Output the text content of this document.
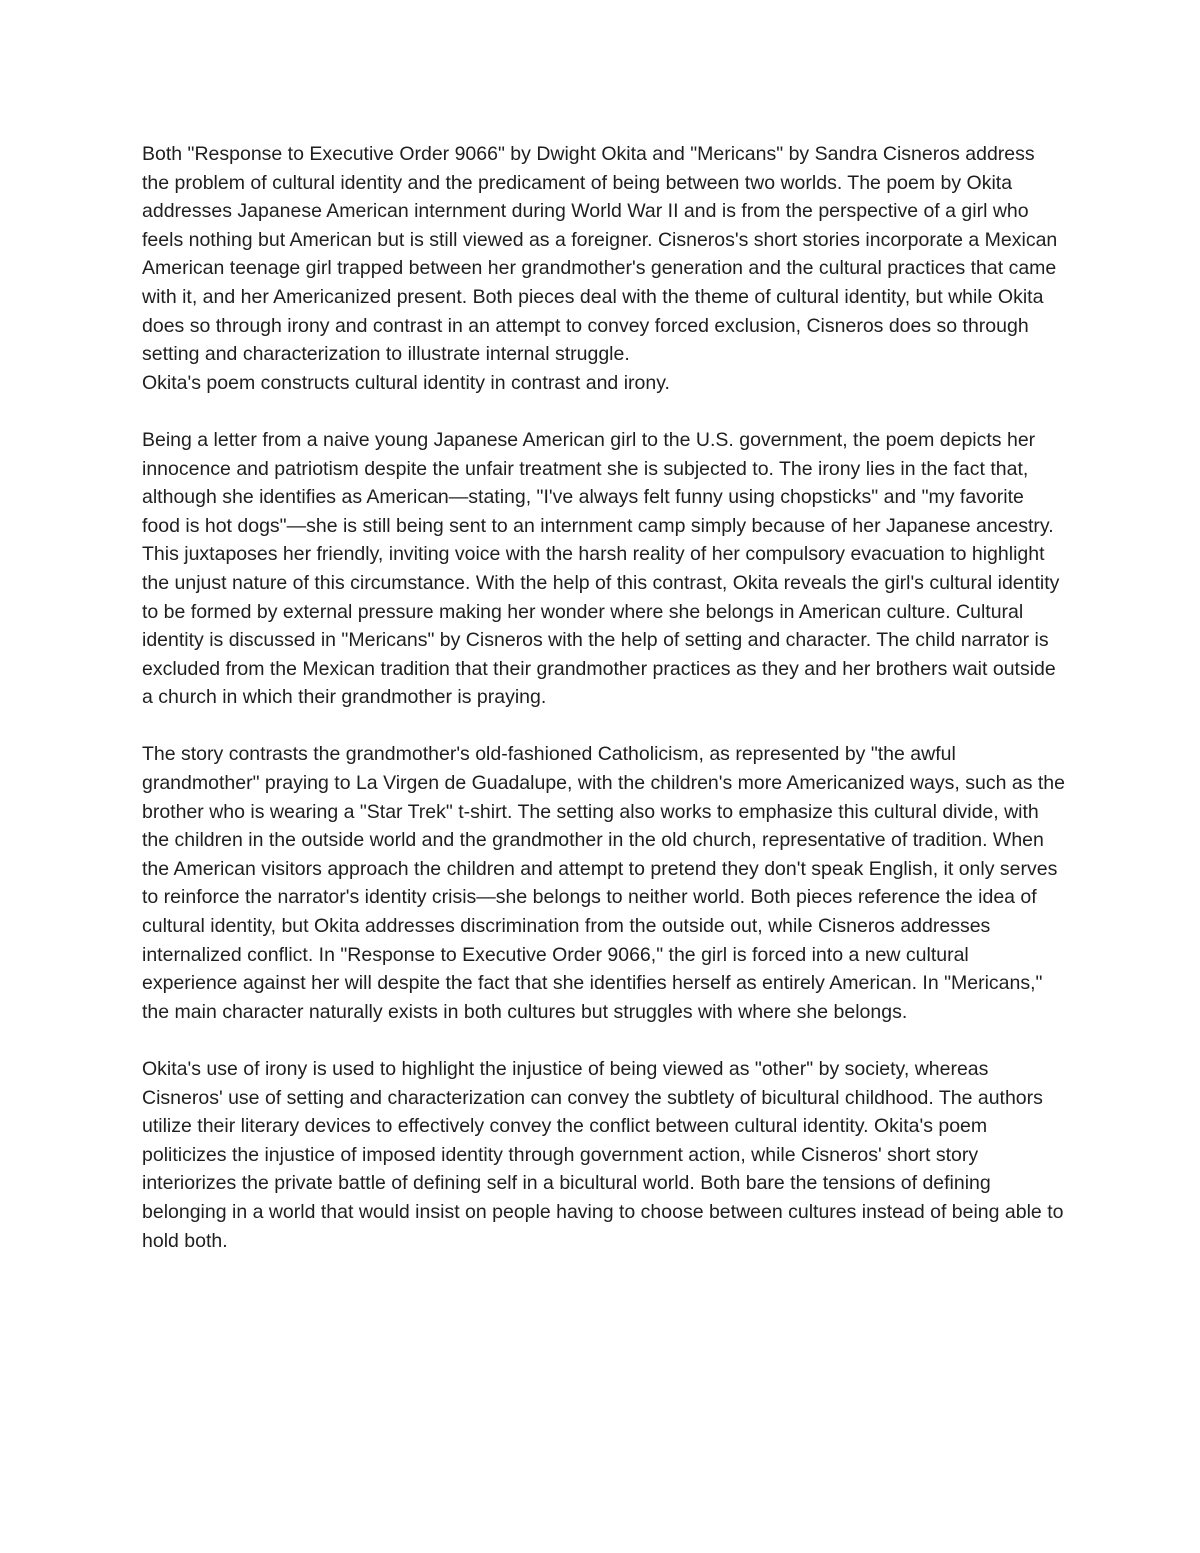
Both "Response to Executive Order 9066" by Dwight Okita and "Mericans" by Sandra Cisneros address the problem of cultural identity and the predicament of being between two worlds. The poem by Okita addresses Japanese American internment during World War II and is from the perspective of a girl who feels nothing but American but is still viewed as a foreigner. Cisneros's short stories incorporate a Mexican American teenage girl trapped between her grandmother's generation and the cultural practices that came with it, and her Americanized present. Both pieces deal with the theme of cultural identity, but while Okita does so through irony and contrast in an attempt to convey forced exclusion, Cisneros does so through setting and characterization to illustrate internal struggle.

Okita's poem constructs cultural identity in contrast and irony.

Being a letter from a naive young Japanese American girl to the U.S. government, the poem depicts her innocence and patriotism despite the unfair treatment she is subjected to. The irony lies in the fact that, although she identifies as American—stating, "I've always felt funny using chopsticks" and "my favorite food is hot dogs"—she is still being sent to an internment camp simply because of her Japanese ancestry. This juxtaposes her friendly, inviting voice with the harsh reality of her compulsory evacuation to highlight the unjust nature of this circumstance. With the help of this contrast, Okita reveals the girl's cultural identity to be formed by external pressure making her wonder where she belongs in American culture. Cultural identity is discussed in "Mericans" by Cisneros with the help of setting and character. The child narrator is excluded from the Mexican tradition that their grandmother practices as they and her brothers wait outside a church in which their grandmother is praying.

The story contrasts the grandmother's old-fashioned Catholicism, as represented by "the awful grandmother" praying to La Virgen de Guadalupe, with the children's more Americanized ways, such as the brother who is wearing a "Star Trek" t-shirt. The setting also works to emphasize this cultural divide, with the children in the outside world and the grandmother in the old church, representative of tradition. When the American visitors approach the children and attempt to pretend they don't speak English, it only serves to reinforce the narrator's identity crisis—she belongs to neither world. Both pieces reference the idea of cultural identity, but Okita addresses discrimination from the outside out, while Cisneros addresses internalized conflict. In "Response to Executive Order 9066," the girl is forced into a new cultural experience against her will despite the fact that she identifies herself as entirely American. In "Mericans," the main character naturally exists in both cultures but struggles with where she belongs.

Okita's use of irony is used to highlight the injustice of being viewed as "other" by society, whereas Cisneros' use of setting and characterization can convey the subtlety of bicultural childhood. The authors utilize their literary devices to effectively convey the conflict between cultural identity. Okita's poem politicizes the injustice of imposed identity through government action, while Cisneros' short story interiorizes the private battle of defining self in a bicultural world. Both bare the tensions of defining belonging in a world that would insist on people having to choose between cultures instead of being able to hold both.
